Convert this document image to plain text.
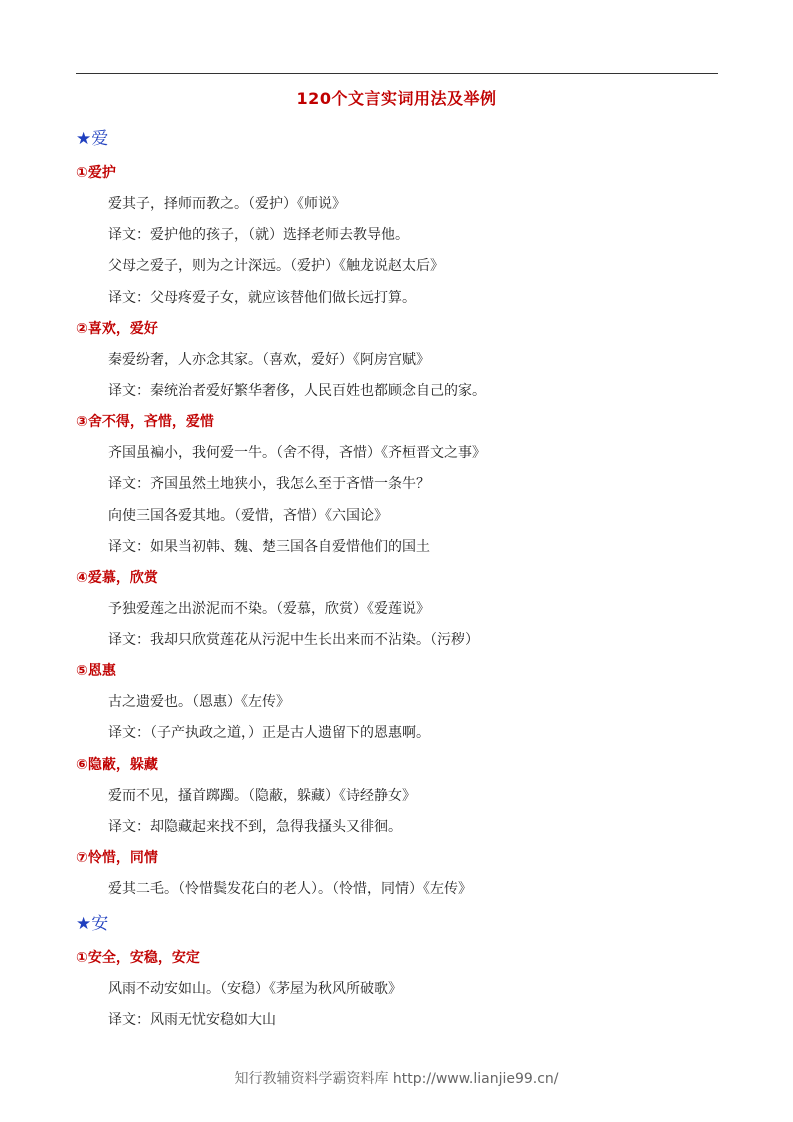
120个文言实词用法及举例
★爱
①爱护
爱其子，择师而教之。（爱护）《师说》
译文：爱护他的孩子，（就）选择老师去教导他。
父母之爱子，则为之计深远。（爱护）《触龙说赵太后》
译文：父母疼爱子女，就应该替他们做长远打算。
②喜欢，爱好
秦爱纷奢，人亦念其家。（喜欢，爱好）《阿房宫赋》
译文：秦统治者爱好繁华奢侈，人民百姓也都顾念自己的家。
③舍不得，吝惜，爱惜
齐国虽褊小，我何爱一牛。（舍不得，吝惜）《齐桓晋文之事》
译文：齐国虽然土地狭小，我怎么至于吝惜一条牛？
向使三国各爱其地。（爱惜，吝惜）《六国论》
译文：如果当初韩、魏、楚三国各自爱惜他们的国土
④爱慕，欣赏
予独爱莲之出淤泥而不染。（爱慕，欣赏）《爱莲说》
译文：我却只欣赏莲花从污泥中生长出来而不沾染。（污秽）
⑤恩惠
古之遗爱也。（恩惠）《左传》
译文：（子产执政之道，）正是古人遗留下的恩惠啊。
⑥隐蔽，躲藏
爱而不见，搔首踯躅。（隐蔽，躲藏）《诗经静女》
译文：却隐藏起来找不到，急得我搔头又徘徊。
⑦怜惜，同情
爱其二毛。（怜惜鬓发花白的老人）。（怜惜，同情）《左传》
★安
①安全，安稳，安定
风雨不动安如山。（安稳）《茅屋为秋风所破歌》
译文：风雨无忧安稳如大山
知行教辅资料学霸资料库 http://www.lianjie99.cn/
